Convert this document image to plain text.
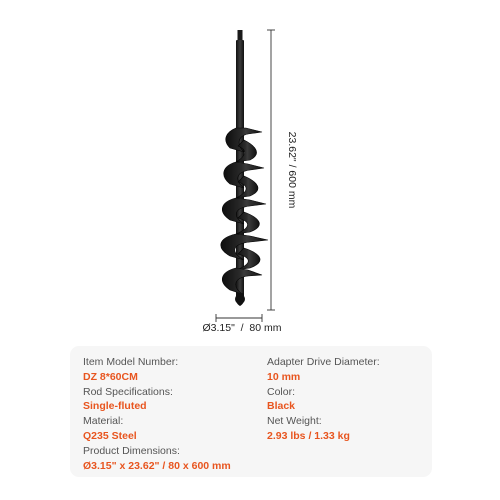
23.62" / 600 mm
Ø3.15"  /  80 mm
Item Model Number:
DZ 8*60CM
Rod Specifications:
Single-fluted
Material:
Q235 Steel
Product Dimensions:
Ø3.15" x 23.62" / 80 x 600 mm
Adapter Drive Diameter:
10 mm
Color:
Black
Net Weight:
2.93 lbs / 1.33 kg
